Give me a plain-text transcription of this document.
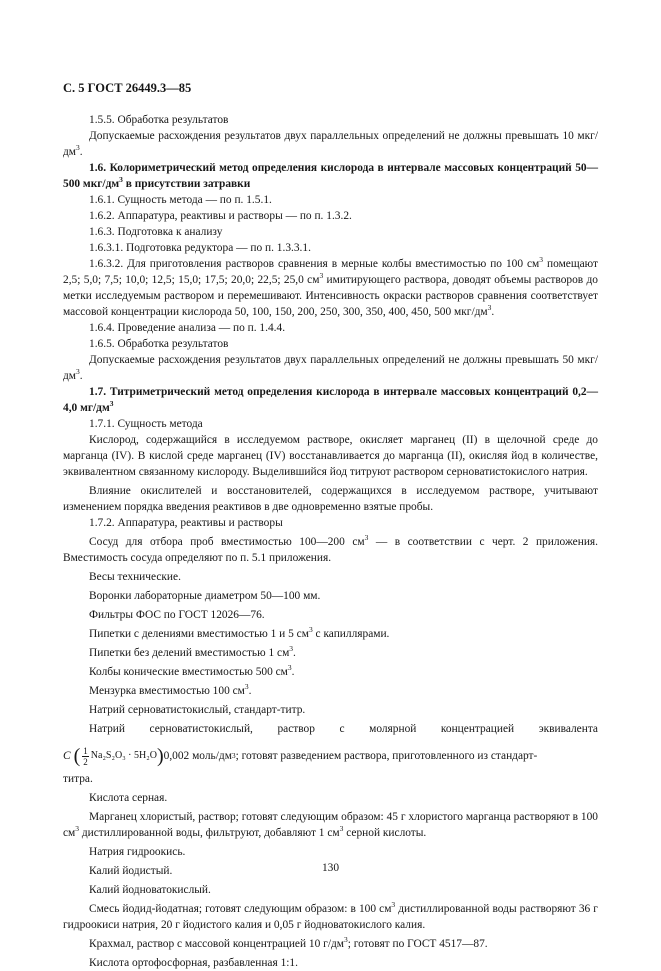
С. 5 ГОСТ 26449.3—85

1.5.5. Обработка результатов

Допускаемые расхождения результатов двух параллельных определений не должны превышать 10 мкг/$дм^3$.

1.6. Колориметрический метод определения кислорода в интервале массовых концентраций 50—500 мкг/$дм^3$ в присутствии затравки

1.6.1. Сущность метода — по п. 1.5.1.

1.6.2. Аппаратура, реактивы и растворы — по п. 1.3.2.

1.6.3. Подготовка к анализу

1.6.3.1. Подготовка редуктора — по п. 1.3.3.1.

1.6.3.2. Для приготовления растворов сравнения в мерные колбы вместимостью по 100 $см^3$ помещают 2,5; 5,0; 7,5; 10,0; 12,5; 15,0; 17,5; 20,0; 22,5; 25,0 $см^3$ имитирующего раствора, доводят объемы растворов до метки исследуемым раствором и перемешивают. Интенсивность окраски растворов сравнения соответствует массовой концентрации кислорода 50, 100, 150, 200, 250, 300, 350, 400, 450, 500 мкг/$дм^3$.

1.6.4. Проведение анализа — по п. 1.4.4.

1.6.5. Обработка результатов

Допускаемые расхождения результатов двух параллельных определений не должны превышать 50 мкг/$дм^3$.

1.7. Титриметрический метод определения кислорода в интервале массовых концентраций 0,2—4,0 $мг/дм^3$

1.7.1. Сущность метода

Кислород, содержащийся в исследуемом растворе, окисляет марганец (II) в щелочной среде до марганца (IV). В кислой среде марганец (IV) восстанавливается до марганца (II), окисляя йод в количестве, эквивалентном связанному кислороду. Выделившийся йод титруют раствором серноватистокислого натрия.

Влияние окислителей и восстановителей, содержащихся в исследуемом растворе, учитывают изменением порядка введения реактивов в две одновременно взятые пробы.

1.7.2. Аппаратура, реактивы и растворы

Сосуд для отбора проб вместимостью 100—200 $см^3$ — в соответствии с черт. 2 приложения. Вместимость сосуда определяют по п. 5.1 приложения.

Весы технические.

Воронки лабораторные диаметром 50—100 мм.

Фильтры ФОС по ГОСТ 12026—76.

Пипетки с делениями вместимостью 1 и 5 $см^3$ с капиллярами.

Пипетки без делений вместимостью 1 $см^3$.

Колбы конические вместимостью 500 $см^3$.

Мензурка вместимостью 100 $см^3$.

Натрий серноватистокислый, стандарт-титр.

Натрий серноватистокислый, раствор с молярной концентрацией эквивалента

C ( $\frac{1}{2} Na_2S_2O_3 \cdot 5H_2O$ ) 0,002 моль/дм 3 ; готовят разведением раствора, приготовленного из стандарт-

титра.

Кислота серная.

Марганец хлористый, раствор; готовят следующим образом: 45 г хлористого марганца растворяют в 100 $см^3$ дистиллированной воды, фильтруют, добавляют 1 $см^3$ серной кислоты.

Натрия гидроокись.

Калий йодистый.

Калий йодноватокислый.

Смесь йодид-йодатная; готовят следующим образом: в 100 $см^3$ дистиллированной воды растворяют 36 г гидроокиси натрия, 20 г йодистого калия и 0,05 г йодноватокислого калия.

Крахмал, раствор с массовой концентрацией 10 $г/дм^3$; готовят по ГОСТ 4517—87.

Кислота ортофосфорная, разбавленная 1:1.

130
